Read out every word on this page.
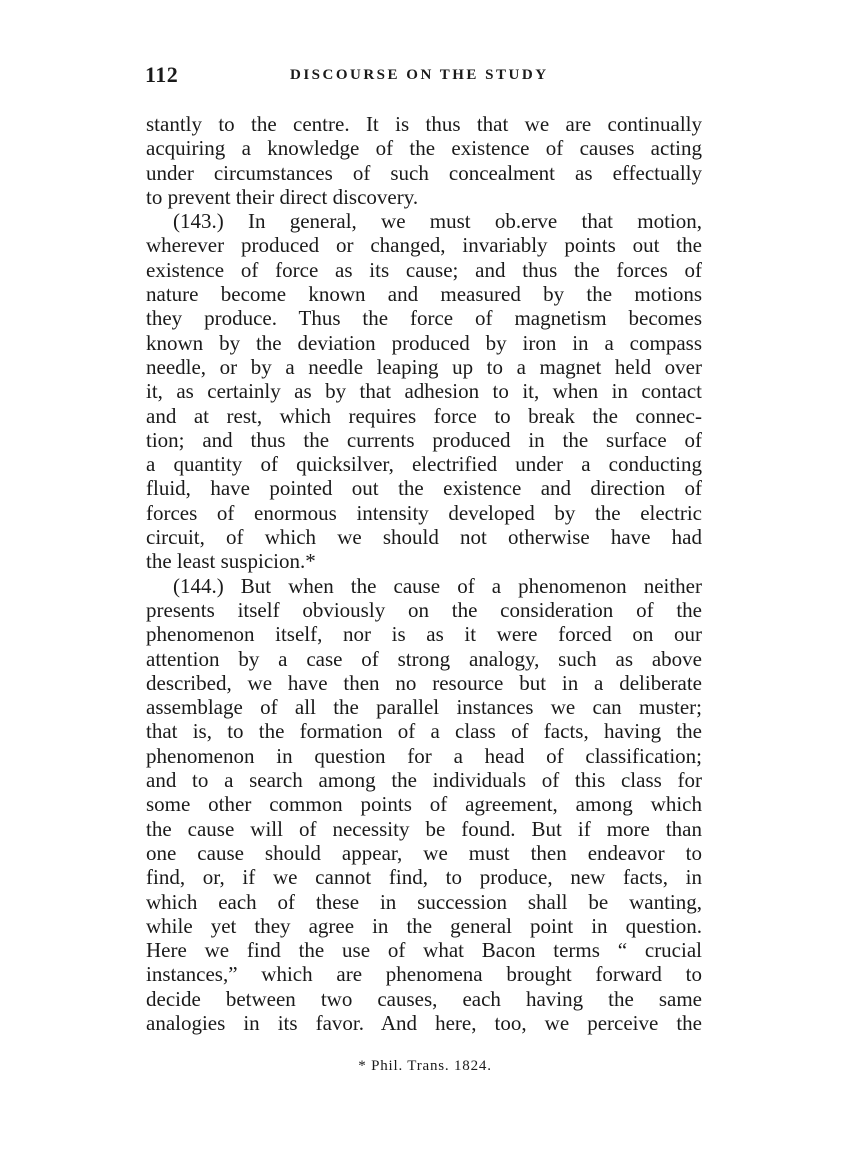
112	DISCOURSE ON THE STUDY
stantly to the centre. It is thus that we are continually
acquiring a knowledge of the existence of causes acting
under circumstances of such concealment as effectually
to prevent their direct discovery.
(143.) In general, we must ob.erve that motion,
wherever produced or changed, invariably points out the
existence of force as its cause; and thus the forces of
nature become known and measured by the motions
they produce. Thus the force of magnetism becomes
known by the deviation produced by iron in a compass
needle, or by a needle leaping up to a magnet held over
it, as certainly as by that adhesion to it, when in contact
and at rest, which requires force to break the connec-
tion; and thus the currents produced in the surface of
a quantity of quicksilver, electrified under a conducting
fluid, have pointed out the existence and direction of
forces of enormous intensity developed by the electric
circuit, of which we should not otherwise have had
the least suspicion.*
(144.) But when the cause of a phenomenon neither
presents itself obviously on the consideration of the
phenomenon itself, nor is as it were forced on our
attention by a case of strong analogy, such as above
described, we have then no resource but in a deliberate
assemblage of all the parallel instances we can muster;
that is, to the formation of a class of facts, having the
phenomenon in question for a head of classification;
and to a search among the individuals of this class for
some other common points of agreement, among which
the cause will of necessity be found. But if more than
one cause should appear, we must then endeavor to
find, or, if we cannot find, to produce, new facts, in
which each of these in succession shall be wanting,
while yet they agree in the general point in question.
Here we find the use of what Bacon terms “ crucial
instances,” which are phenomena brought forward to
decide between two causes, each having the same
analogies in its favor. And here, too, we perceive the
* Phil. Trans. 1824.
